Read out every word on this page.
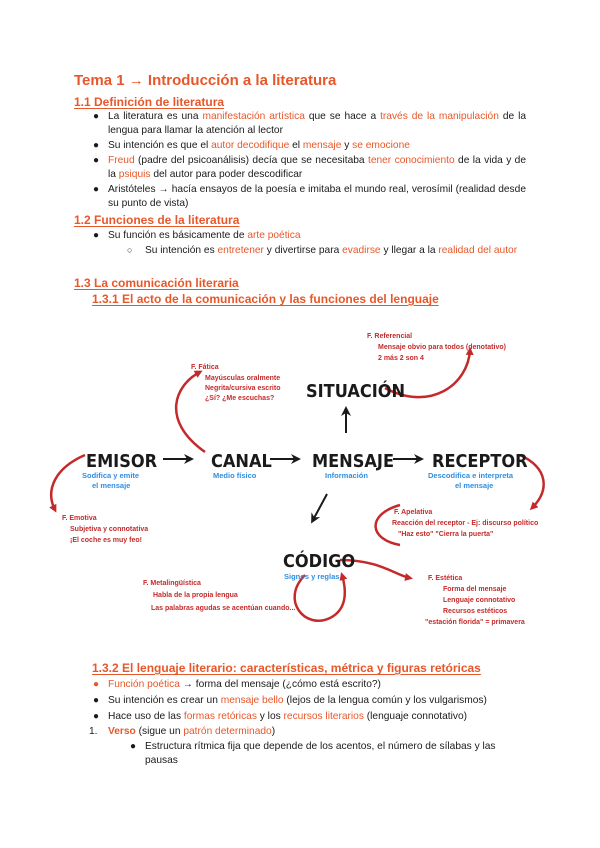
Tema 1 → Introducción a la literatura
1.1 Definición de literatura
● La literatura es una manifestación artística que se hace a través de la manipulación de la lengua para llamar la atención al lector
● Su intención es que el autor decodifique el mensaje y se emocione
● Freud (padre del psicoanálisis) decía que se necesitaba tener conocimiento de la vida y de la psiquis del autor para poder descodificar
● Aristóteles → hacía ensayos de la poesía e imitaba el mundo real, verosímil (realidad desde su punto de vista)
1.2 Funciones de la literatura
● Su función es básicamente de arte poética
○ Su intención es entretener y divertirse para evadirse y llegar a la realidad del autor
1.3 La comunicación literaria
1.3.1 El acto de la comunicación y las funciones del lenguaje
EMISOR
Sodifica y emite
el mensaje
CANAL
Medio físico
MENSAJE
Información
RECEPTOR
Descodifica e interpreta
el mensaje
SITUACIÓN
CÓDIGO
Signos y reglas
F. Fática
Mayúsculas oralmente
Negrita/cursiva escrito
¿Sí? ¿Me escuchas?
F. Referencial
Mensaje obvio para todos (denotativo)
2 más 2 son 4
F. Emotiva
Subjetiva y connotativa
¡El coche es muy feo!
F. Apelativa
Reacción del receptor - Ej: discurso político
"Haz esto" "Cierra la puerta"
F. Metalingüística
Habla de la propia lengua
Las palabras agudas se acentúan cuando...
F. Estética
Forma del mensaje
Lenguaje connotativo
Recursos estéticos
"estación florida" = primavera
1.3.2 El lenguaje literario: características, métrica y figuras retóricas
● Función poética → forma del mensaje (¿cómo está escrito?)
● Su intención es crear un mensaje bello (lejos de la lengua común y los vulgarismos)
● Hace uso de las formas retóricas y los recursos literarios (lenguaje connotativo)
1. Verso (sigue un patrón determinado)
● Estructura rítmica fija que depende de los acentos, el número de sílabas y las pausas
